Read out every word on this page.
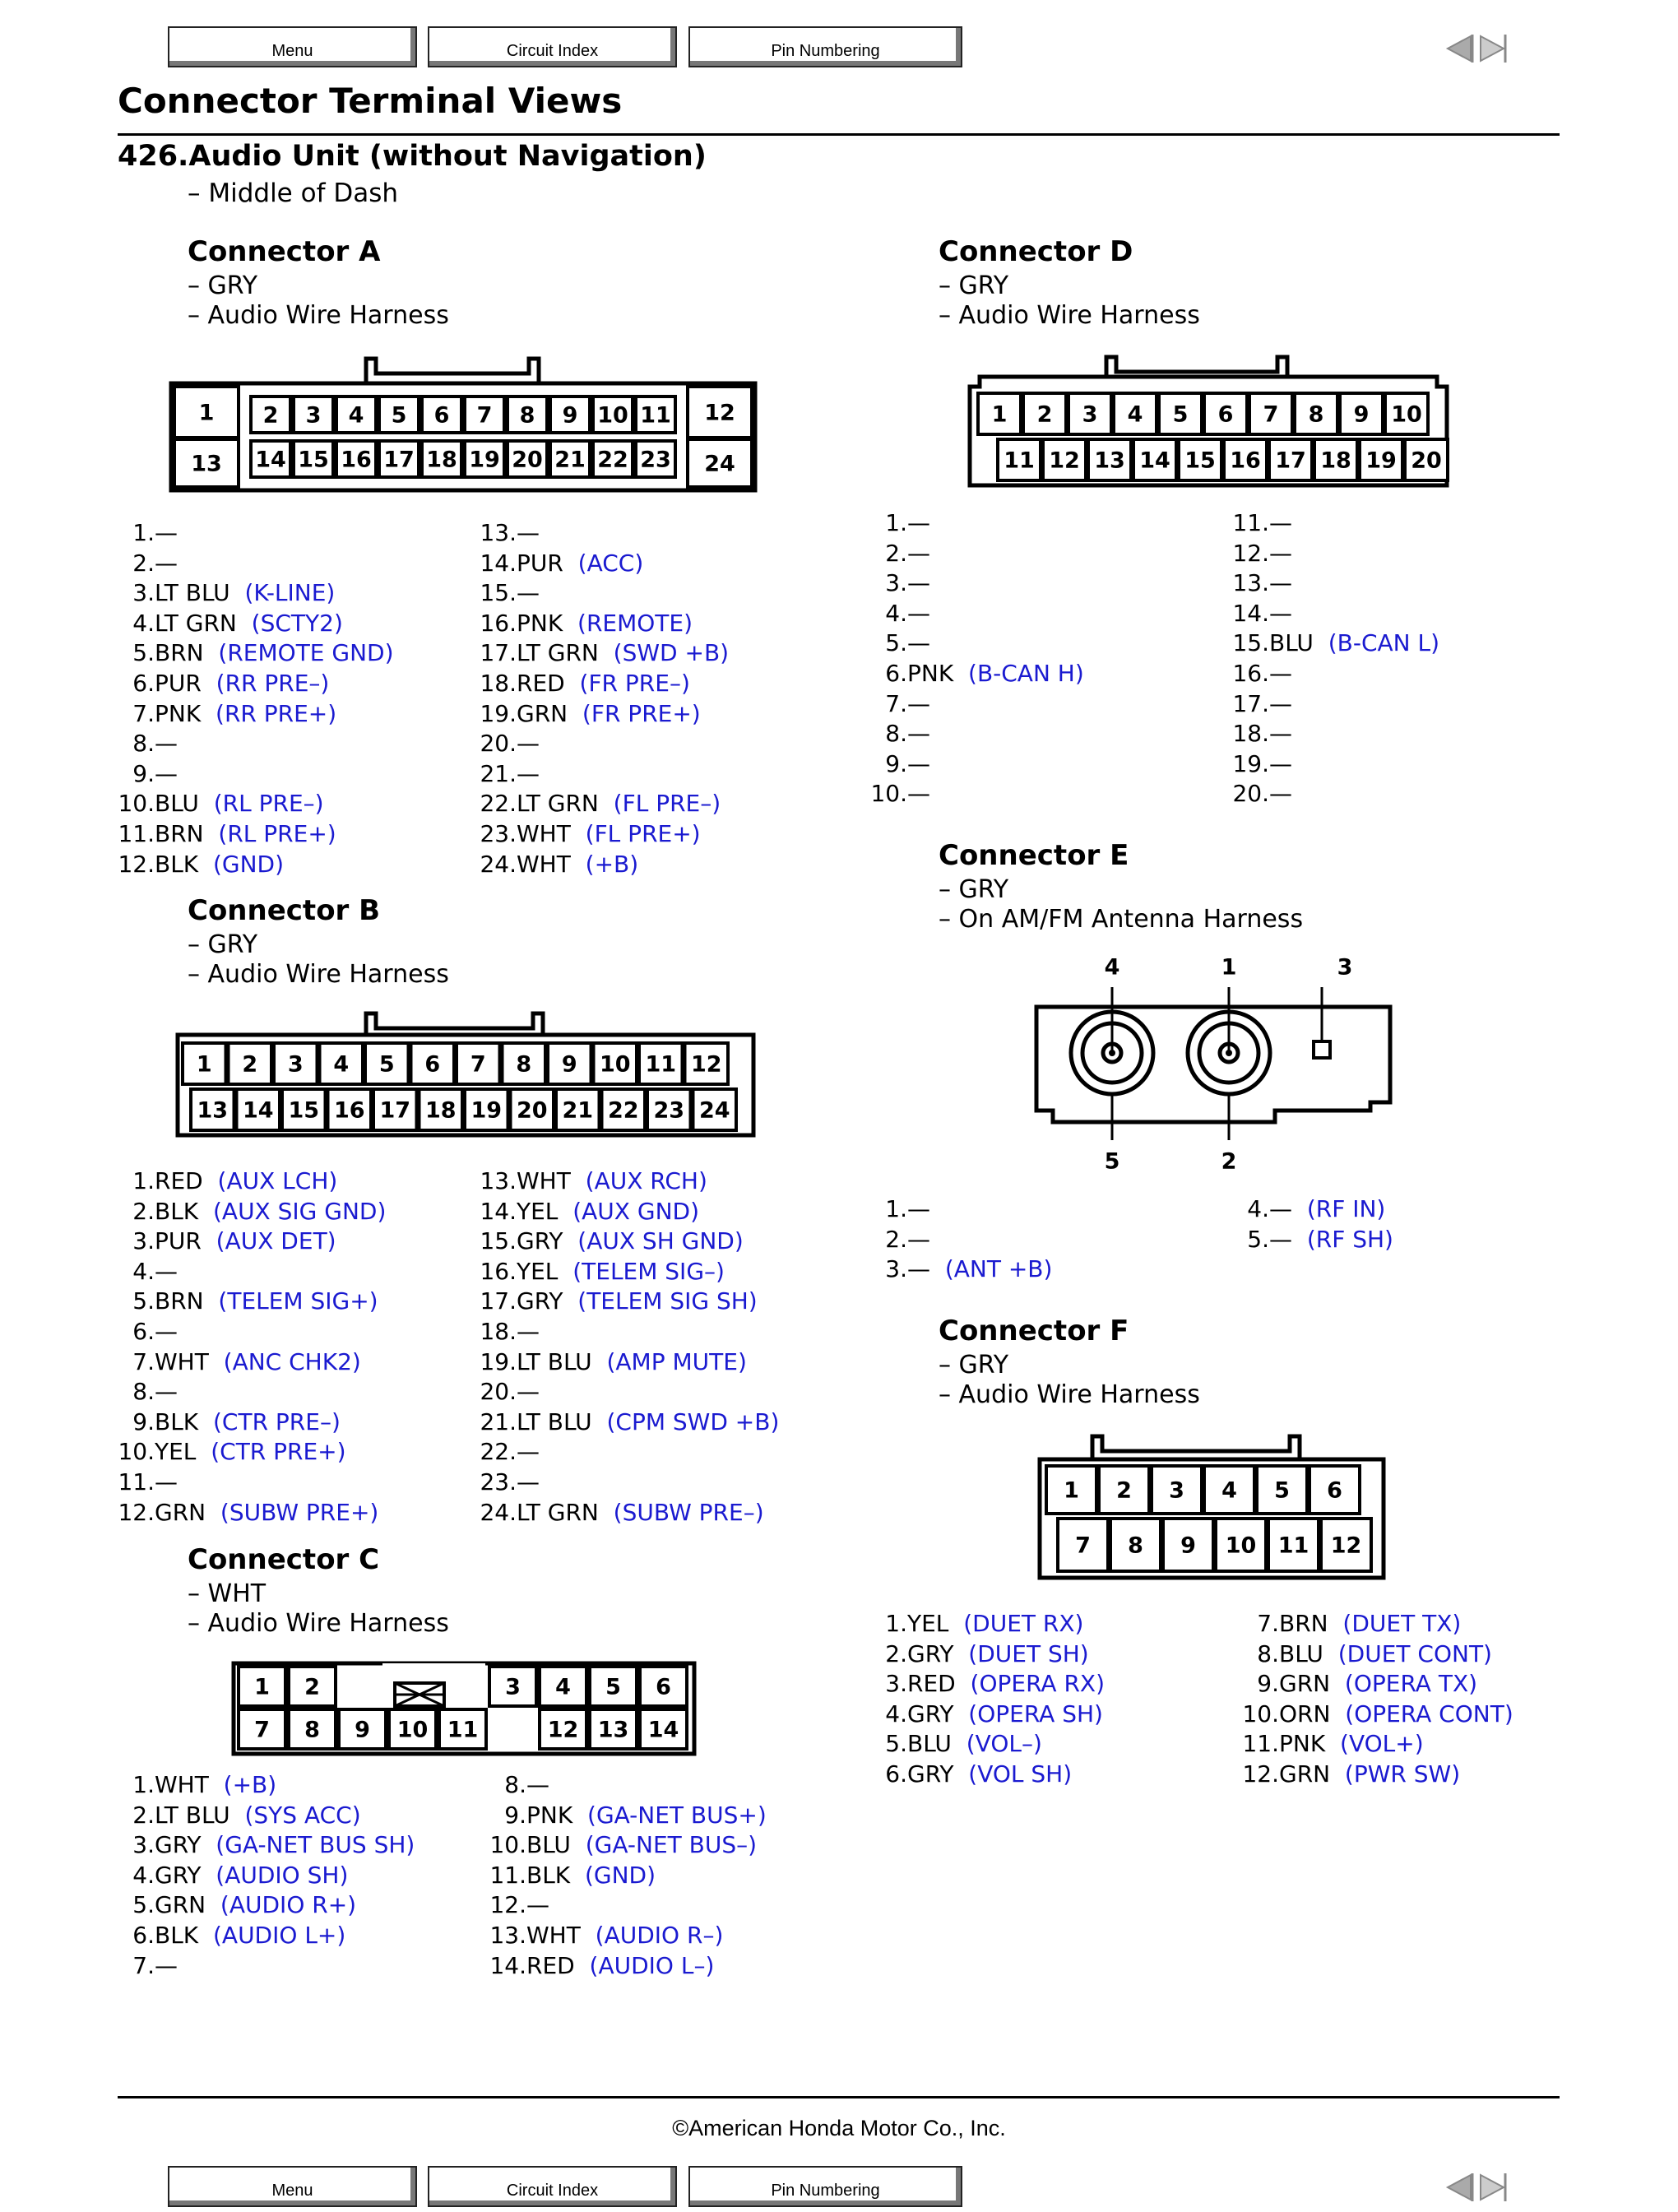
Menu	Circuit Index	Pin Numbering
Connector Terminal Views
426.Audio Unit (without Navigation)
– Middle of Dash
Connector A
– GRY
– Audio Wire Harness
1
13
12
24
2
14
3
15
4
16
5
17
6
18
7
19
8
20
9
21
10
22
11
23
1.—
2.—
3.LT BLU (K-LINE)
4.LT GRN (SCTY2)
5.BRN (REMOTE GND)
6.PUR (RR PRE–)
7.PNK (RR PRE+)
8.—
9.—
10.BLU (RL PRE–)
11.BRN (RL PRE+)
12.BLK (GND)
13.—
14.PUR (ACC)
15.—
16.PNK (REMOTE)
17.LT GRN (SWD +B)
18.RED (FR PRE–)
19.GRN (FR PRE+)
20.—
21.—
22.LT GRN (FL PRE–)
23.WHT (FL PRE+)
24.WHT (+B)
Connector B
– GRY
– Audio Wire Harness
1
13
2
14
3
15
4
16
5
17
6
18
7
19
8
20
9
21
10
22
11
23
12
24
1.RED (AUX LCH)
2.BLK (AUX SIG GND)
3.PUR (AUX DET)
4.—
5.BRN (TELEM SIG+)
6.—
7.WHT (ANC CHK2)
8.—
9.BLK (CTR PRE–)
10.YEL (CTR PRE+)
11.—
12.GRN (SUBW PRE+)
13.WHT (AUX RCH)
14.YEL (AUX GND)
15.GRY (AUX SH GND)
16.YEL (TELEM SIG–)
17.GRY (TELEM SIG SH)
18.—
19.LT BLU (AMP MUTE)
20.—
21.LT BLU (CPM SWD +B)
22.—
23.—
24.LT GRN (SUBW PRE–)
Connector C
– WHT
– Audio Wire Harness
1 2	3 4 5 6
7 8 9 10 11	12 13 14
1.WHT (+B)
2.LT BLU (SYS ACC)
3.GRY (GA-NET BUS SH)
4.GRY (AUDIO SH)
5.GRN (AUDIO R+)
6.BLK (AUDIO L+)
7.—
8.—
9.PNK (GA-NET BUS+)
10.BLU (GA-NET BUS–)
11.BLK (GND)
12.—
13.WHT (AUDIO R–)
14.RED (AUDIO L–)
Connector D
– GRY
– Audio Wire Harness
1
11
2
12
3
13
4
14
5
15
6
16
7
17
8
18
9
19
10
20
1.—
2.—
3.—
4.—
5.—
6.PNK (B-CAN H)
7.—
8.—
9.—
10.—
11.—
12.—
13.—
14.—
15.BLU (B-CAN L)
16.—
17.—
18.—
19.—
20.—
Connector E
– GRY
– On AM/FM Antenna Harness
4	1	3
5	2
1.—
2.—
3.— (ANT +B)
4.— (RF IN)
5.— (RF SH)
Connector F
– GRY
– Audio Wire Harness
1
7
2
8
3
9
4
10
5
11
6
12
1.YEL (DUET RX)
2.GRY (DUET SH)
3.RED (OPERA RX)
4.GRY (OPERA SH)
5.BLU (VOL–)
6.GRY (VOL SH)
7.BRN (DUET TX)
8.BLU (DUET CONT)
9.GRN (OPERA TX)
10.ORN (OPERA CONT)
11.PNK (VOL+)
12.GRN (PWR SW)
©American Honda Motor Co., Inc.
Menu	Circuit Index	Pin Numbering
